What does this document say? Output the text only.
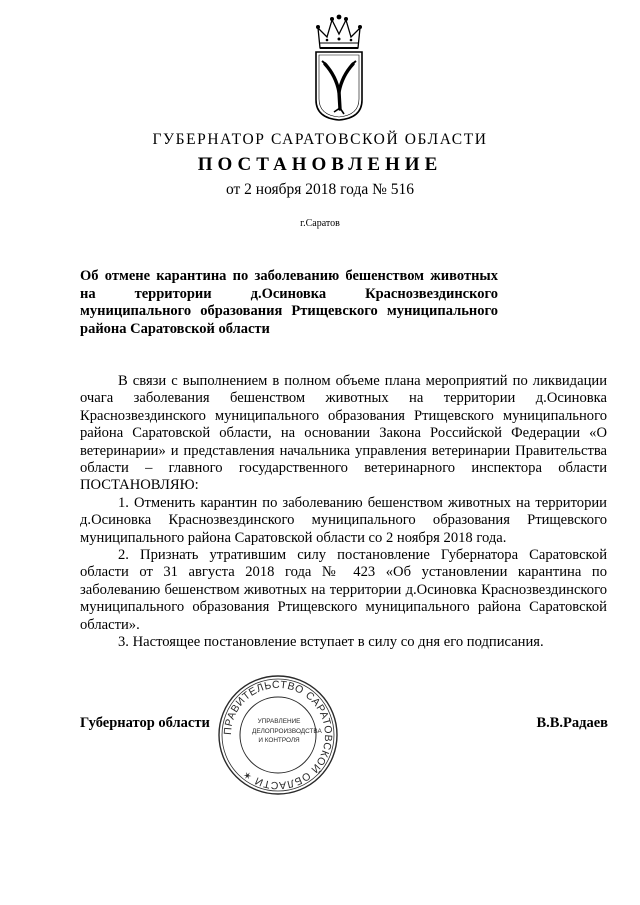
ГУБЕРНАТОР САРАТОВСКОЙ ОБЛАСТИ
ПОСТАНОВЛЕНИЕ
от 2 ноября 2018 года № 516
г.Саратов
Об отмене карантина по заболеванию бешенством животных на территории д.Осиновка Краснозвездинского муниципального образования Ртищевского муниципального района Саратовской области

В связи с выполнением в полном объеме плана мероприятий по ликвидации очага заболевания бешенством животных на территории д.Осиновка Краснозвездинского муниципального образования Ртищевского муниципального района Саратовской области, на основании Закона Российской Федерации «О ветеринарии» и представления начальника управления ветеринарии Правительства области – главного государственного ветеринарного инспектора области ПОСТАНОВЛЯЮ:

1. Отменить карантин по заболеванию бешенством животных на территории д.Осиновка Краснозвездинского муниципального образования Ртищевского муниципального района Саратовской области со 2 ноября 2018 года.

2. Признать утратившим силу постановление Губернатора Саратовской области от 31 августа 2018 года № 423 «Об установлении карантина по заболеванию бешенством животных на территории д.Осиновка Краснозвездинского муниципального образования Ртищевского муниципального района Саратовской области».

3. Настоящее постановление вступает в силу со дня его подписания.

Губернатор области	В.В.Радаев
ПРАВИТЕЛЬСТВО САРАТОВСКОЙ ОБЛАСТИ ✶
УПРАВЛЕНИЕ
ДЕЛОПРОИЗВОДСТВА
И КОНТРОЛЯ
